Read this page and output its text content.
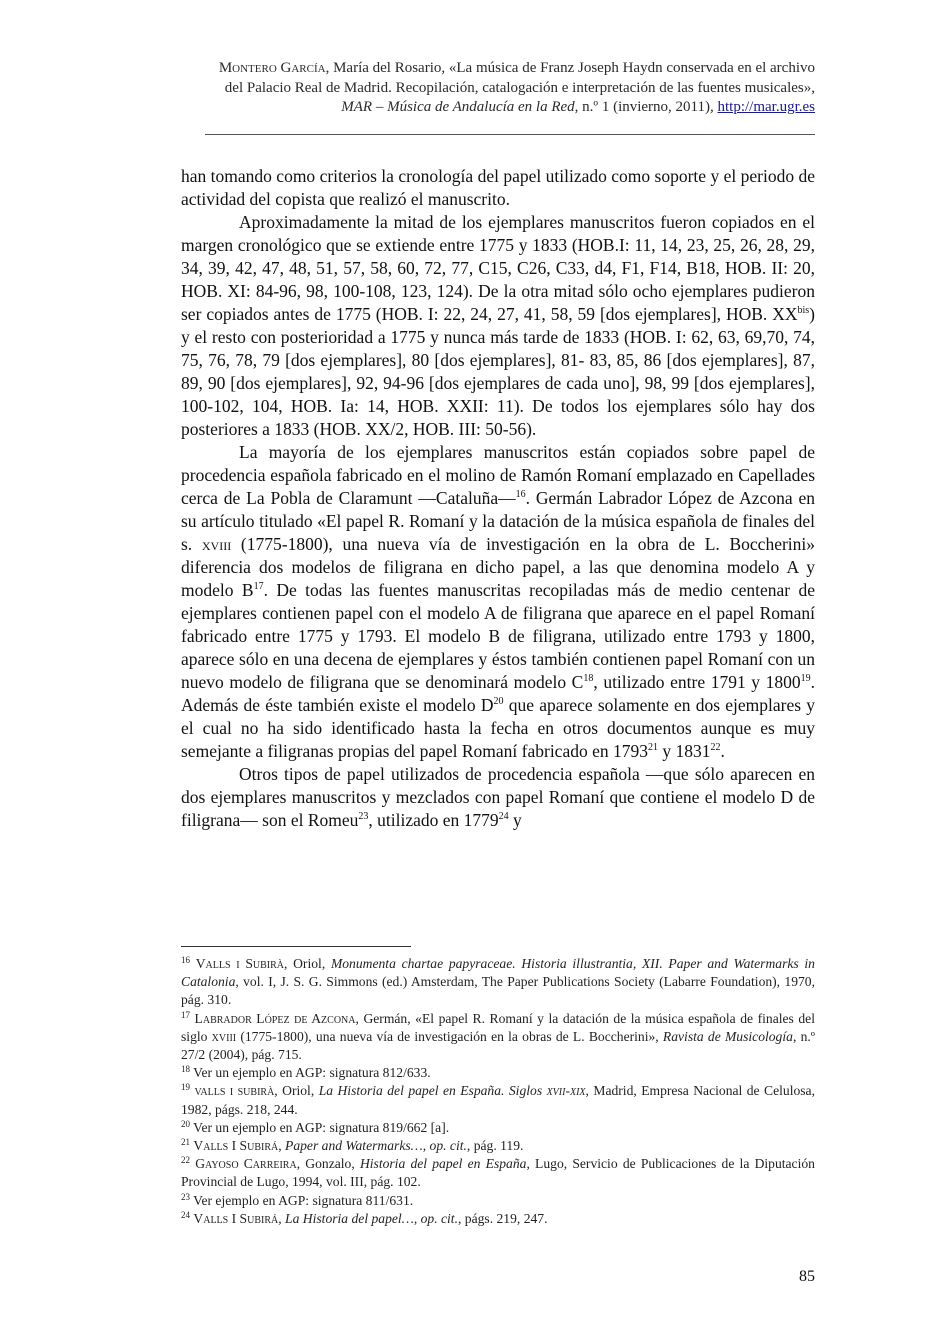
Montero García, María del Rosario, «La música de Franz Joseph Haydn conservada en el archivo del Palacio Real de Madrid. Recopilación, catalogación e interpretación de las fuentes musicales», MAR – Música de Andalucía en la Red, n.º 1 (invierno, 2011), http://mar.ugr.es

han tomando como criterios la cronología del papel utilizado como soporte y el periodo de actividad del copista que realizó el manuscrito.

Aproximadamente la mitad de los ejemplares manuscritos fueron copiados en el margen cronológico que se extiende entre 1775 y 1833 (HOB.I: 11, 14, 23, 25, 26, 28, 29, 34, 39, 42, 47, 48, 51, 57, 58, 60, 72, 77, C15, C26, C33, d4, F1, F14, B18, HOB. II: 20, HOB. XI: 84-96, 98, 100-108, 123, 124). De la otra mitad sólo ocho ejemplares pudieron ser copiados antes de 1775 (HOB. I: 22, 24, 27, 41, 58, 59 [dos ejemplares], HOB. $XX^{bis}$) y el resto con posterioridad a 1775 y nunca más tarde de 1833 (HOB. I: 62, 63, 69,70, 74, 75, 76, 78, 79 [dos ejemplares], 80 [dos ejemplares], 81- 83, 85, 86 [dos ejemplares], 87, 89, 90 [dos ejemplares], 92, 94-96 [dos ejemplares de cada uno], 98, 99 [dos ejemplares], 100-102, 104, HOB. Ia: 14, HOB. XXII: 11). De todos los ejemplares sólo hay dos posteriores a 1833 (HOB. XX/2, HOB. III: 50-56).

La mayoría de los ejemplares manuscritos están copiados sobre papel de procedencia española fabricado en el molino de Ramón Romaní emplazado en Capellades cerca de La Pobla de Claramunt —Cataluña—$^{16}$. Germán Labrador López de Azcona en su artículo titulado «El papel R. Romaní y la datación de la música española de finales del s. xviii (1775-1800), una nueva vía de investigación en la obra de L. Boccherini» diferencia dos modelos de filigrana en dicho papel, a las que denomina modelo A y modelo $B^{17}$. De todas las fuentes manuscritas recopiladas más de medio centenar de ejemplares contienen papel con el modelo A de filigrana que aparece en el papel Romaní fabricado entre 1775 y 1793. El modelo B de filigrana, utilizado entre 1793 y 1800, aparece sólo en una decena de ejemplares y éstos también contienen papel Romaní con un nuevo modelo de filigrana que se denominará modelo $C^{18}$, utilizado entre 1791 y 1800$^{19}$. Además de éste también existe el modelo $D^{20}$ que aparece solamente en dos ejemplares y el cual no ha sido identificado hasta la fecha en otros documentos aunque es muy semejante a filigranas propias del papel Romaní fabricado en 1793$^{21}$ y 1831$^{22}$.

Otros tipos de papel utilizados de procedencia española —que sólo aparecen en dos ejemplares manuscritos y mezclados con papel Romaní que contiene el modelo D de filigrana— son el Romeu$^{23}$, utilizado en 1779$^{24}$ y

$^{16}$ Valls i Subirà, Oriol, Monumenta chartae papyraceae. Historia illustrantia, XII. Paper and Watermarks in Catalonia, vol. I, J. S. G. Simmons (ed.) Amsterdam, The Paper Publications Society (Labarre Foundation), 1970, pág. 310.

$^{17}$ Labrador López de Azcona, Germán, «El papel R. Romaní y la datación de la música española de finales del siglo xviii (1775-1800), una nueva vía de investigación en la obras de L. Boccherini», Ravista de Musicología, n.º 27/2 (2004), pág. 715.

$^{18}$ Ver un ejemplo en AGP: signatura 812/633.

$^{19}$ valls i subirà, Oriol, La Historia del papel en España. Siglos xvii-xix, Madrid, Empresa Nacional de Celulosa, 1982, págs. 218, 244.

$^{20}$ Ver un ejemplo en AGP: signatura 819/662 [a].

$^{21}$ Valls I Subirá, Paper and Watermarks…, op. cit., pág. 119.

$^{22}$ Gayoso Carreira, Gonzalo, Historia del papel en España, Lugo, Servicio de Publicaciones de la Diputación Provincial de Lugo, 1994, vol. III, pág. 102.

$^{23}$ Ver ejemplo en AGP: signatura 811/631.

$^{24}$ Valls I Subirá, La Historia del papel…, op. cit., págs. 219, 247.

85
